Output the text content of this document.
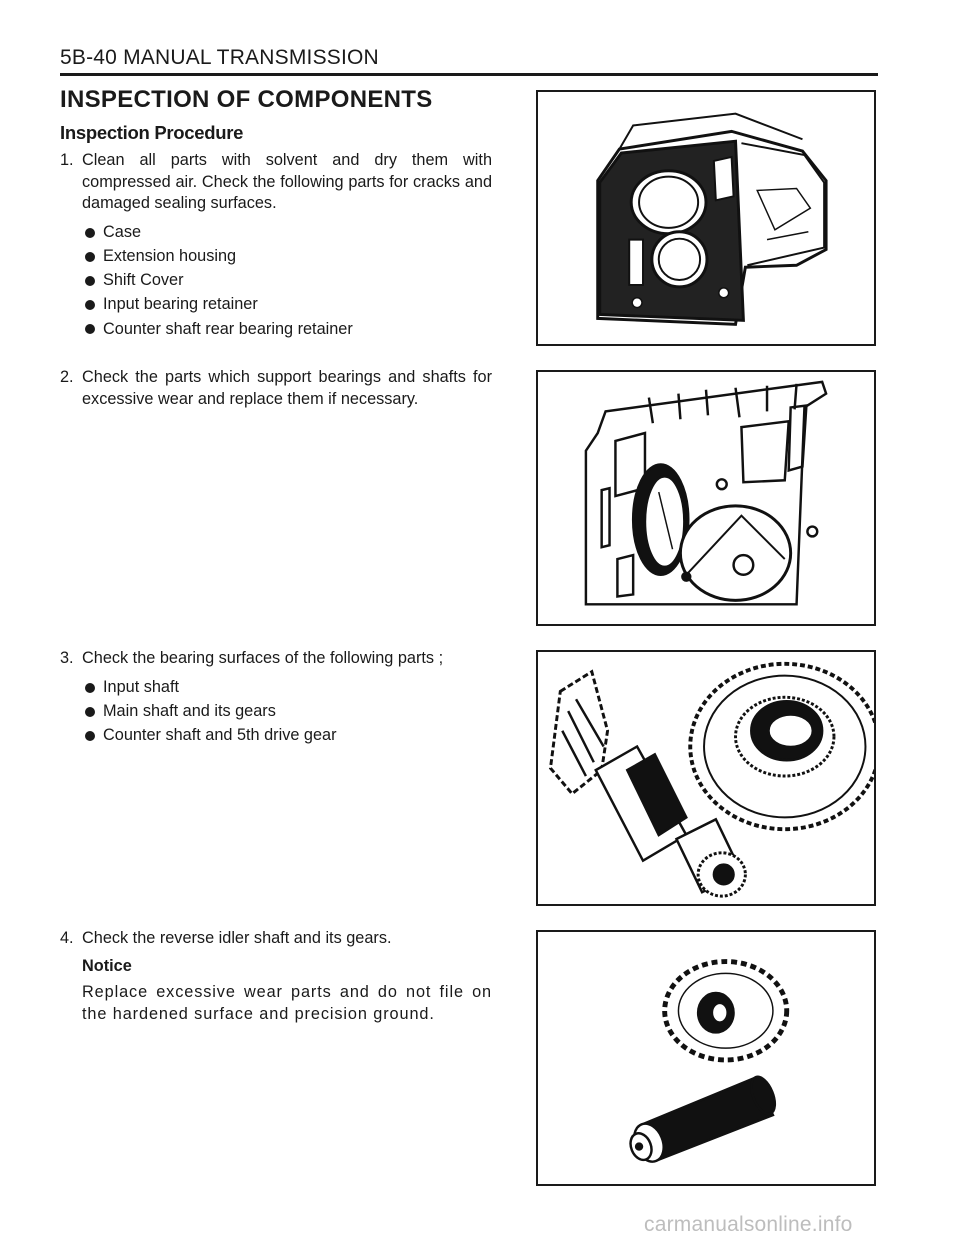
5B-40 MANUAL TRANSMISSION
INSPECTION OF COMPONENTS
Inspection Procedure
1. Clean all parts with solvent and dry them with compressed air. Check the following parts for cracks and damaged sealing surfaces.
Case
Extension housing
Shift Cover
Input bearing retainer
Counter shaft rear bearing retainer
2. Check the parts which support bearings and shafts for excessive wear and replace them if necessary.
3. Check the bearing surfaces of the following parts ;
Input shaft
Main shaft and its gears
Counter shaft and 5th drive gear
4. Check the reverse idler shaft and its gears.
Notice
Replace excessive wear parts and do not file on the hardened surface and precision ground.
carmanualsonline.info
